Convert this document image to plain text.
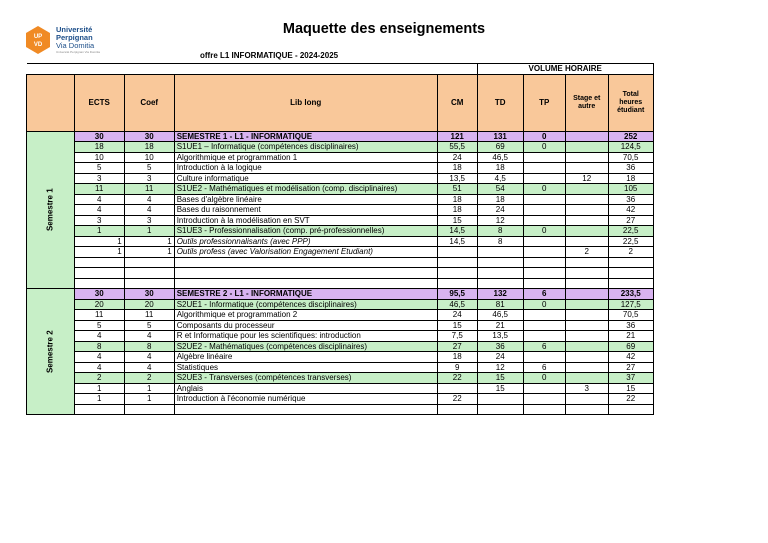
UP
VD
Université
Perpignan
Via Domitia
Université Perpignan Via Domitia
Maquette des enseignements
offre L1 INFORMATIQUE - 2024-2025
					VOLUME HORAIRE			
	ECTS	Coef	Lib long	CM	TD	TP	Stage et autre	Total heures étudiant

Semestre 1	30	30	SEMESTRE 1 - L1 - INFORMATIQUE	121	131	0		252
	18	18	S1UE1 – Informatique (compétences disciplinaires)	55,5	69	0		124,5
	10	10	Algorithmique et programmation 1	24	46,5			70,5
	5	5	Introduction à la logique	18	18			36
	3	3	Culture informatique	13,5	4,5		12	18
	11	11	S1UE2 - Mathématiques et modélisation (comp. disciplinaires)	51	54	0		105
	4	4	Bases d'algèbre linéaire	18	18			36
	4	4	Bases du raisonnement	18	24			42
	3	3	Introduction à la modélisation en SVT	15	12			27
	1	1	S1UE3 - Professionnalisation (comp. pré-professionnelles)	14,5	8	0		22,5
	1	1	Outils professionnalisants (avec PPP)	14,5	8			22,5
	1	1	Outils profess (avec Valorisation Engagement Etudiant)				2	2

Semestre 2	30	30	SEMESTRE 2 - L1 - INFORMATIQUE	95,5	132	6		233,5
	20	20	S2UE1 - Informatique (compétences disciplinaires)	46,5	81	0		127,5
	11	11	Algorithmique et programmation 2	24	46,5			70,5
	5	5	Composants du processeur	15	21			36
	4	4	R et Informatique pour les scientifiques: introduction	7,5	13,5			21
	8	8	S2UE2 - Mathématiques (compétences disciplinaires)	27	36	6		69
	4	4	Algèbre linéaire	18	24			42
	4	4	Statistiques	9	12	6		27
	2	2	S2UE3 - Transverses (compétences transverses)	22	15	0		37
	1	1	Anglais		15		3	15
	1	1	Introduction à l'économie numérique	22				22
